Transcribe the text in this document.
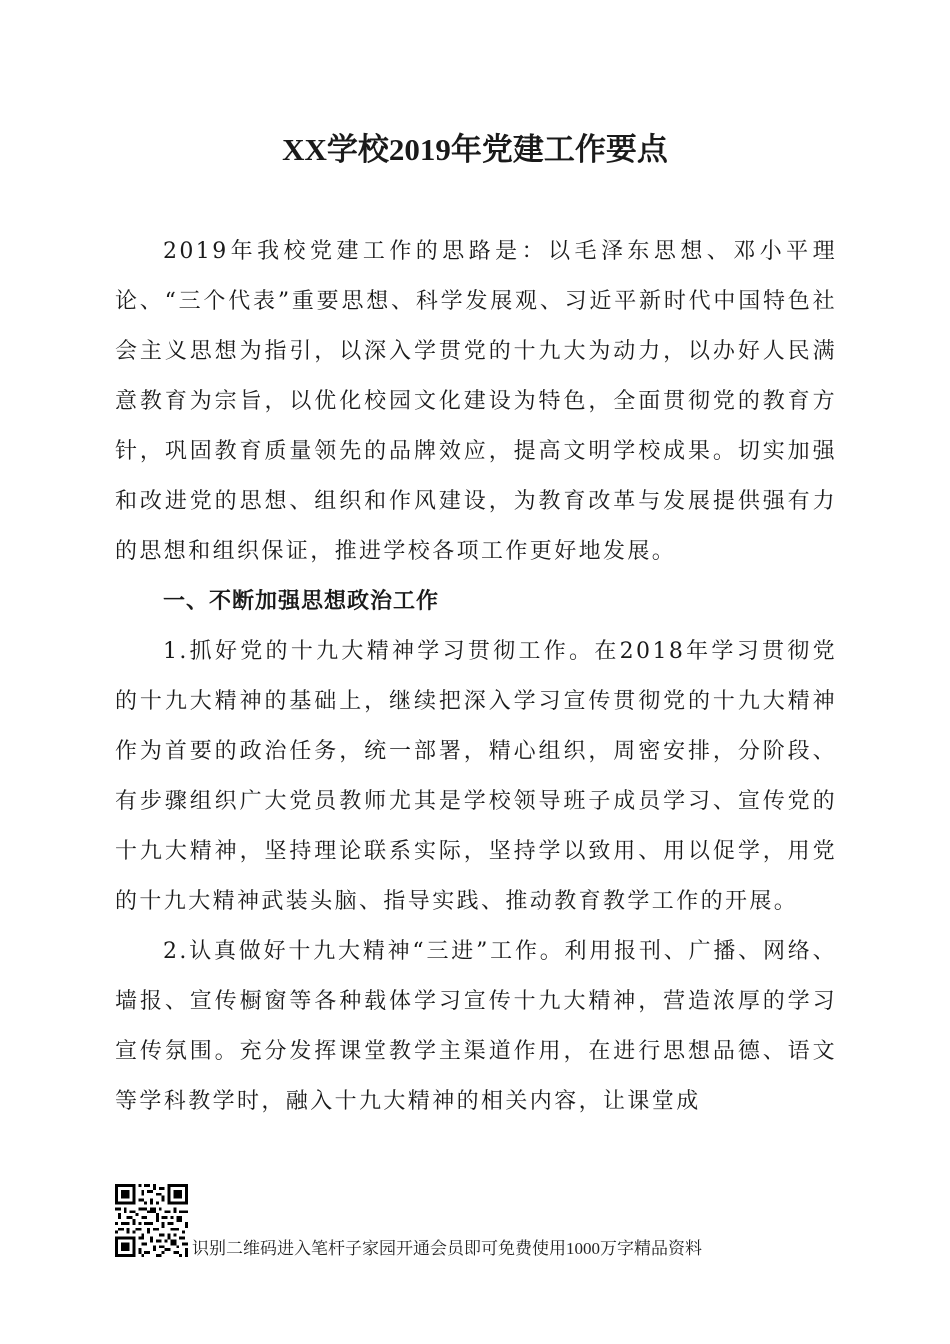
XX学校2019年党建工作要点

2019年我校党建工作的思路是：以毛泽东思想、邓小平理论、“三个代表”重要思想、科学发展观、习近平新时代中国特色社会主义思想为指引，以深入学贯党的十九大为动力，以办好人民满意教育为宗旨，以优化校园文化建设为特色，全面贯彻党的教育方针，巩固教育质量领先的品牌效应，提高文明学校成果。切实加强和改进党的思想、组织和作风建设，为教育改革与发展提供强有力的思想和组织保证，推进学校各项工作更好地发展。

一、不断加强思想政治工作

1.抓好党的十九大精神学习贯彻工作。在2018年学习贯彻党的十九大精神的基础上，继续把深入学习宣传贯彻党的十九大精神作为首要的政治任务，统一部署，精心组织，周密安排，分阶段、有步骤组织广大党员教师尤其是学校领导班子成员学习、宣传党的十九大精神，坚持理论联系实际，坚持学以致用、用以促学，用党的十九大精神武装头脑、指导实践、推动教育教学工作的开展。

2.认真做好十九大精神“三进”工作。利用报刊、广播、网络、墙报、宣传橱窗等各种载体学习宣传十九大精神，营造浓厚的学习宣传氛围。充分发挥课堂教学主渠道作用，在进行思想品德、语文等学科教学时，融入十九大精神的相关内容，让课堂成

识别二维码进入笔杆子家园开通会员即可免费使用1000万字精品资料
